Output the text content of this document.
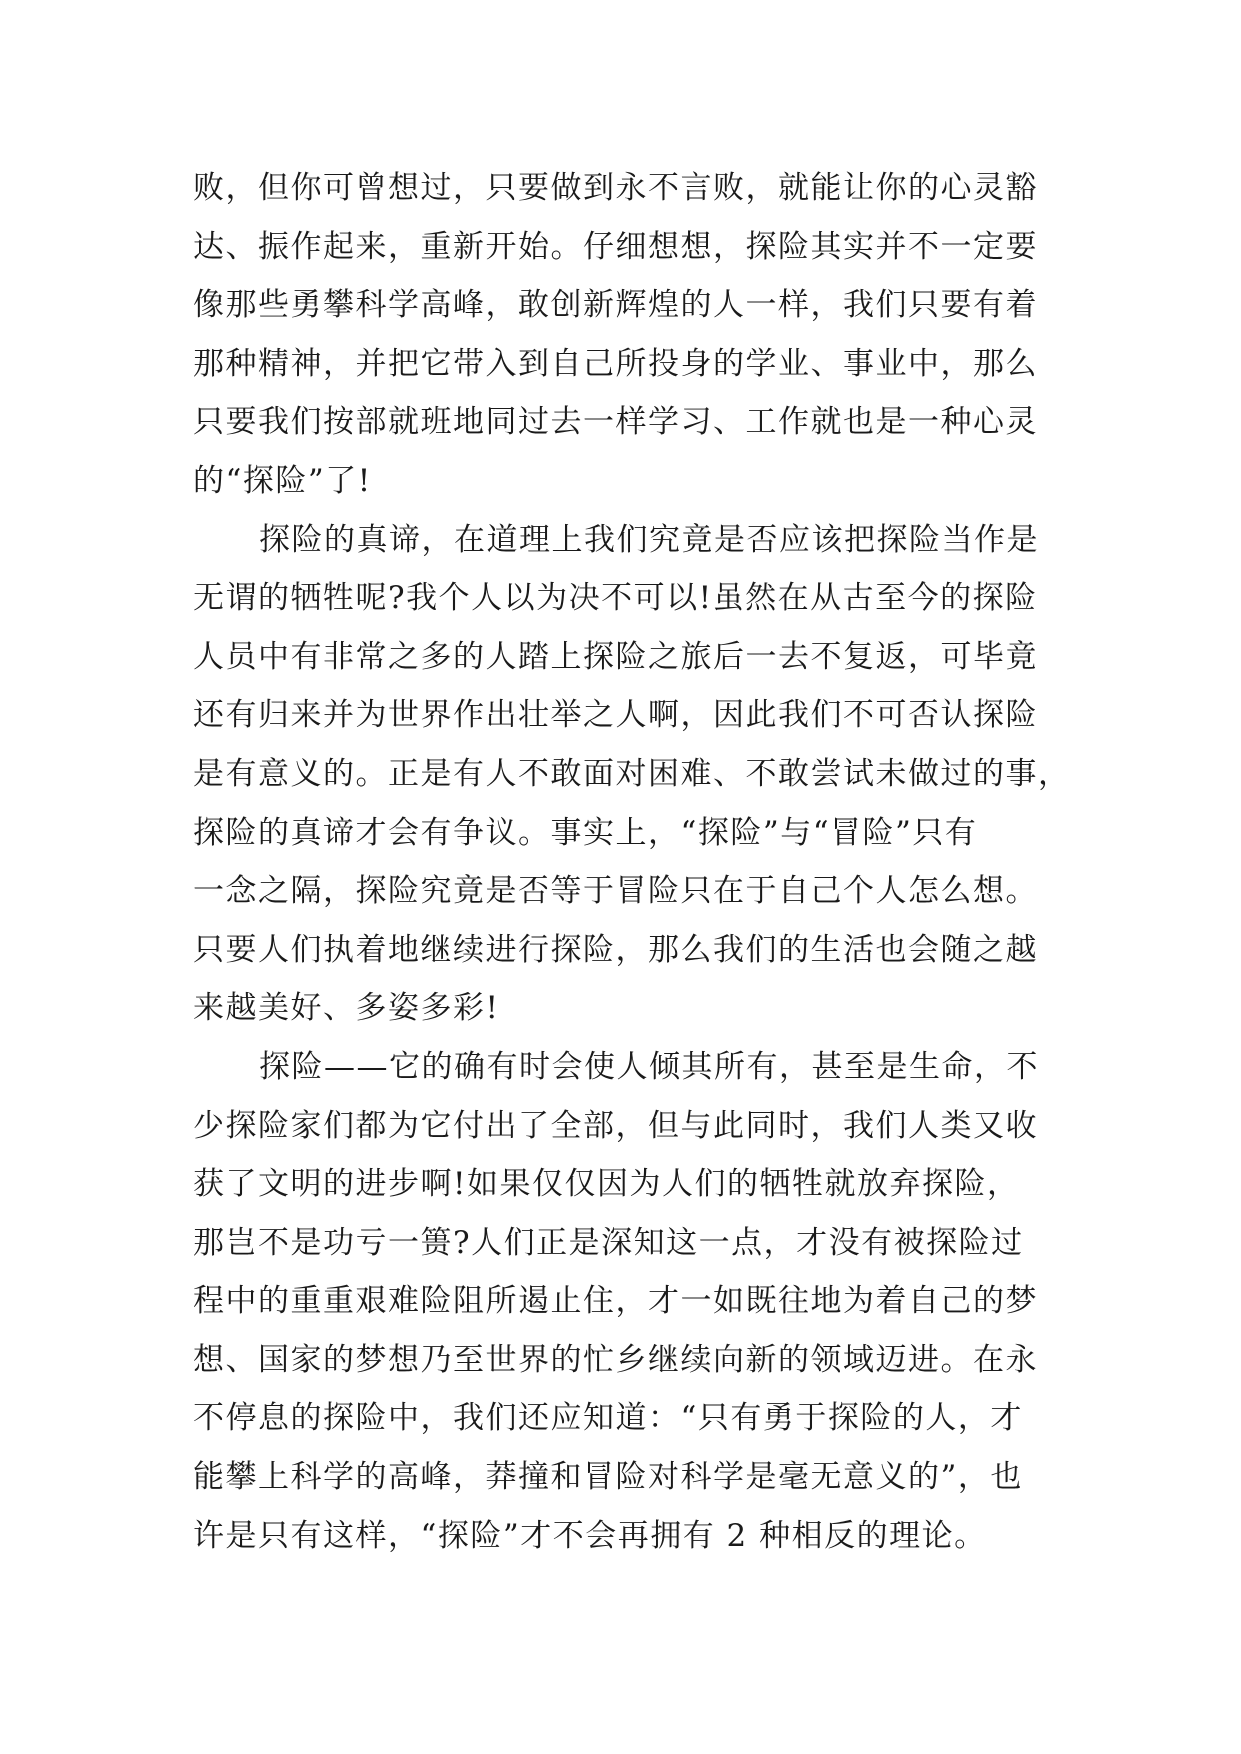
败，但你可曾想过，只要做到永不言败，就能让你的心灵豁
达、振作起来，重新开始。仔细想想，探险其实并不一定要
像那些勇攀科学高峰，敢创新辉煌的人一样，我们只要有着
那种精神，并把它带入到自己所投身的学业、事业中，那么
只要我们按部就班地同过去一样学习、工作就也是一种心灵
的“探险”了!
探险的真谛，在道理上我们究竟是否应该把探险当作是
无谓的牺牲呢?我个人以为决不可以!虽然在从古至今的探险
人员中有非常之多的人踏上探险之旅后一去不复返，可毕竟
还有归来并为世界作出壮举之人啊，因此我们不可否认探险
是有意义的。正是有人不敢面对困难、不敢尝试未做过的事，
探险的真谛才会有争议。事实上，“探险”与“冒险”只有
一念之隔，探险究竟是否等于冒险只在于自己个人怎么想。
只要人们执着地继续进行探险，那么我们的生活也会随之越
来越美好、多姿多彩!
探险——它的确有时会使人倾其所有，甚至是生命，不
少探险家们都为它付出了全部，但与此同时，我们人类又收
获了文明的进步啊!如果仅仅因为人们的牺牲就放弃探险，
那岂不是功亏一篑?人们正是深知这一点，才没有被探险过
程中的重重艰难险阻所遏止住，才一如既往地为着自己的梦
想、国家的梦想乃至世界的忙乡继续向新的领域迈进。在永
不停息的探险中，我们还应知道：“只有勇于探险的人，才
能攀上科学的高峰，莽撞和冒险对科学是毫无意义的”，也
许是只有这样，“探险”才不会再拥有 2 种相反的理论。
